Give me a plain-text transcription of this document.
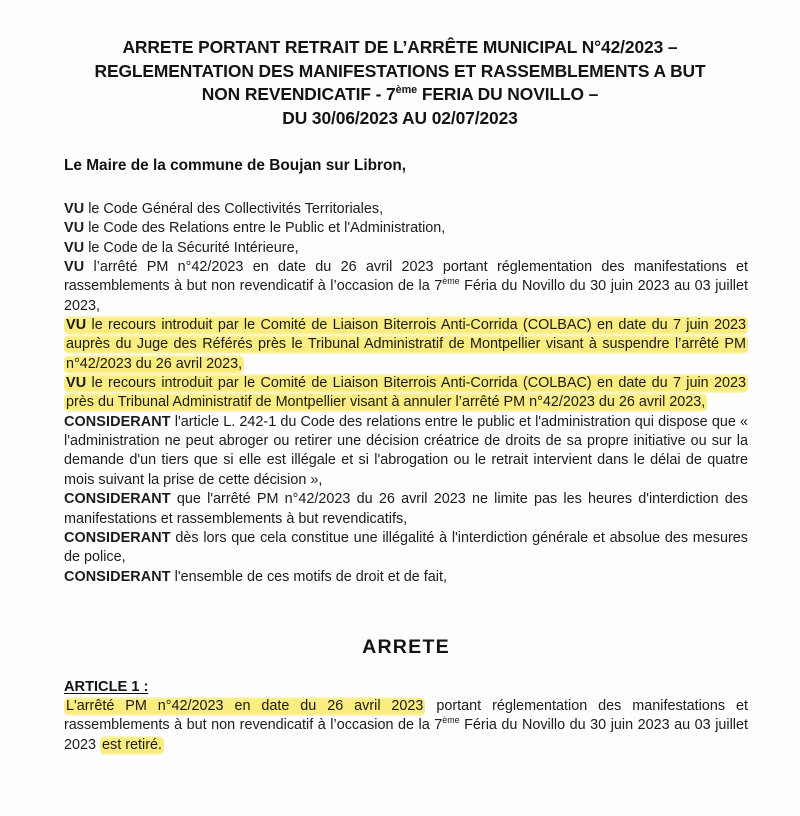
ARRETE PORTANT RETRAIT DE L’ARRÊTE MUNICIPAL N°42/2023 –
REGLEMENTATION DES MANIFESTATIONS ET RASSEMBLEMENTS A BUT
NON REVENDICATIF - 7ème FERIA DU NOVILLO –
DU 30/06/2023 AU 02/07/2023

Le Maire de la commune de Boujan sur Libron,

VU le Code Général des Collectivités Territoriales,

VU le Code des Relations entre le Public et l'Administration,

VU le Code de la Sécurité Intérieure,

VU l’arrêté PM n°42/2023 en date du 26 avril 2023 portant réglementation des manifestations et rassemblements à but non revendicatif à l’occasion de la 7ème Féria du Novillo du 30 juin 2023 au 03 juillet 2023,

VU le recours introduit par le Comité de Liaison Biterrois Anti-Corrida (COLBAC) en date du 7 juin 2023 auprès du Juge des Référés près le Tribunal Administratif de Montpellier visant à suspendre l’arrêté PM n°42/2023 du 26 avril 2023,

VU le recours introduit par le Comité de Liaison Biterrois Anti-Corrida (COLBAC) en date du 7 juin 2023 près du Tribunal Administratif de Montpellier visant à annuler l’arrêté PM n°42/2023 du 26 avril 2023,

CONSIDERANT l'article L. 242-1 du Code des relations entre le public et l'administration qui dispose que « l'administration ne peut abroger ou retirer une décision créatrice de droits de sa propre initiative ou sur la demande d'un tiers que si elle est illégale et si l'abrogation ou le retrait intervient dans le délai de quatre mois suivant la prise de cette décision »,

CONSIDERANT que l'arrêté PM n°42/2023 du 26 avril 2023 ne limite pas les heures d'interdiction des manifestations et rassemblements à but revendicatifs,

CONSIDERANT dès lors que cela constitue une illégalité à l'interdiction générale et absolue des mesures de police,

CONSIDERANT l'ensemble de ces motifs de droit et de fait,

ARRETE
ARTICLE 1 :

L'arrêté PM n°42/2023 en date du 26 avril 2023 portant réglementation des manifestations et rassemblements à but non revendicatif à l’occasion de la 7ème Féria du Novillo du 30 juin 2023 au 03 juillet 2023 est retiré.
